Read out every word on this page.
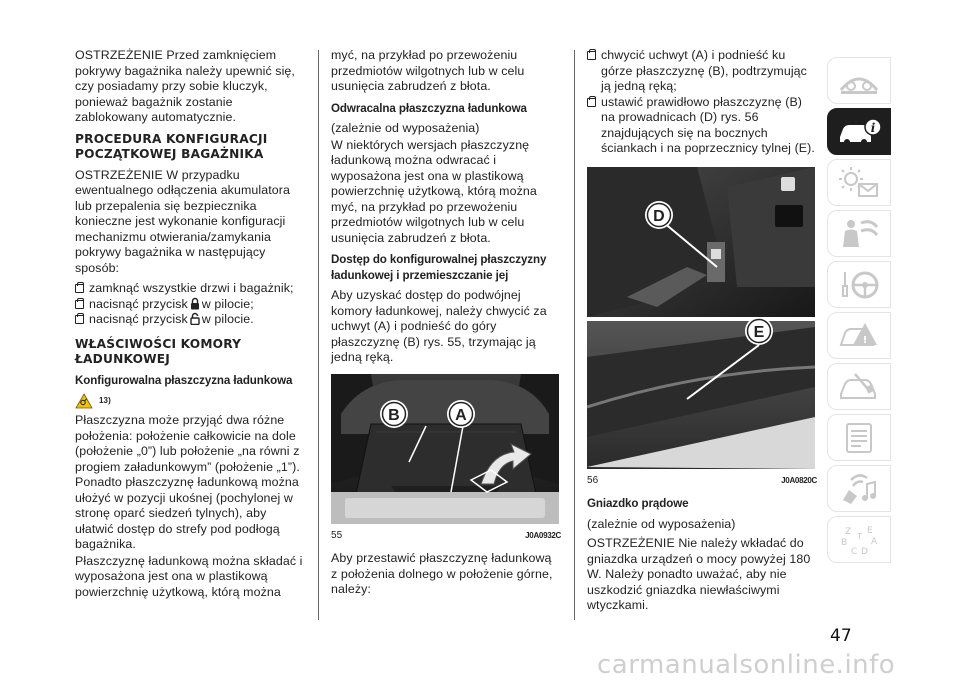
OSTRZEŻENIE Przed zamknięciem pokrywy bagażnika należy upewnić się, czy posiadamy przy sobie kluczyk, ponieważ bagażnik zostanie zablokowany automatycznie.

PROCEDURA KONFIGURACJI POCZĄTKOWEJ BAGAŻNIKA

OSTRZEŻENIE W przypadku ewentualnego odłączenia akumulatora lub przepalenia się bezpiecznika konieczne jest wykonanie konfiguracji mechanizmu otwierania/zamykania pokrywy bagażnika w następujący sposób:

zamknąć wszystkie drzwi i bagażnik;
nacisnąć przycisk w pilocie;
nacisnąć przycisk w pilocie.
WŁAŚCIWOŚCI KOMORY ŁADUNKOWEJ
Konfigurowalna płaszczyzna ładunkowa
13)

Płaszczyzna może przyjąć dwa różne położenia: położenie całkowicie na dole (położenie „0”) lub położenie „na równi z progiem załadunkowym” (położenie „1”). Ponadto płaszczyznę ładunkową można ułożyć w pozycji ukośnej (pochylonej w stronę oparć siedzeń tylnych), aby ułatwić dostęp do strefy pod podłogą bagażnika.

Płaszczyznę ładunkową można składać i wyposażona jest ona w plastikową powierzchnię użytkową, którą można

myć, na przykład po przewożeniu przedmiotów wilgotnych lub w celu usunięcia zabrudzeń z błota.

Odwracalna płaszczyzna ładunkowa

(zależnie od wyposażenia)

W niektórych wersjach płaszczyznę ładunkową można odwracać i wyposażona jest ona w plastikową powierzchnię użytkową, którą można myć, na przykład po przewożeniu przedmiotów wilgotnych lub w celu usunięcia zabrudzeń z błota.

Dostęp do konfigurowalnej płaszczyzny ładunkowej i przemieszczanie jej

Aby uzyskać dostęp do podwójnej komory ładunkowej, należy chwycić za uchwyt (A) i podnieść do góry płaszczyznę (B) rys. 55, trzymając ją jedną ręką.

B	A
55	J0A0932C

Aby przestawić płaszczyznę ładunkową z położenia dolnego w położenie górne, należy:

chwycić uchwyt (A) i podnieść ku górze płaszczyznę (B), podtrzymując ją jedną ręką;
ustawić prawidłowo płaszczyznę (B) na prowadnicach (D) rys. 56 znajdujących się na bocznych ściankach i na poprzecznicy tylnej (E).
D
E
56	J0A0820C
Gniazdko prądowe

(zależnie od wyposażenia)

OSTRZEŻENIE Nie należy wkładać do gniazdka urządzeń o mocy powyżej 180 W. Należy ponadto uważać, aby nie uszkodzić gniazdka niewłaściwymi wtyczkami.

i
!
Z E
B	A
C D
T
47
carmanualsonline.info
